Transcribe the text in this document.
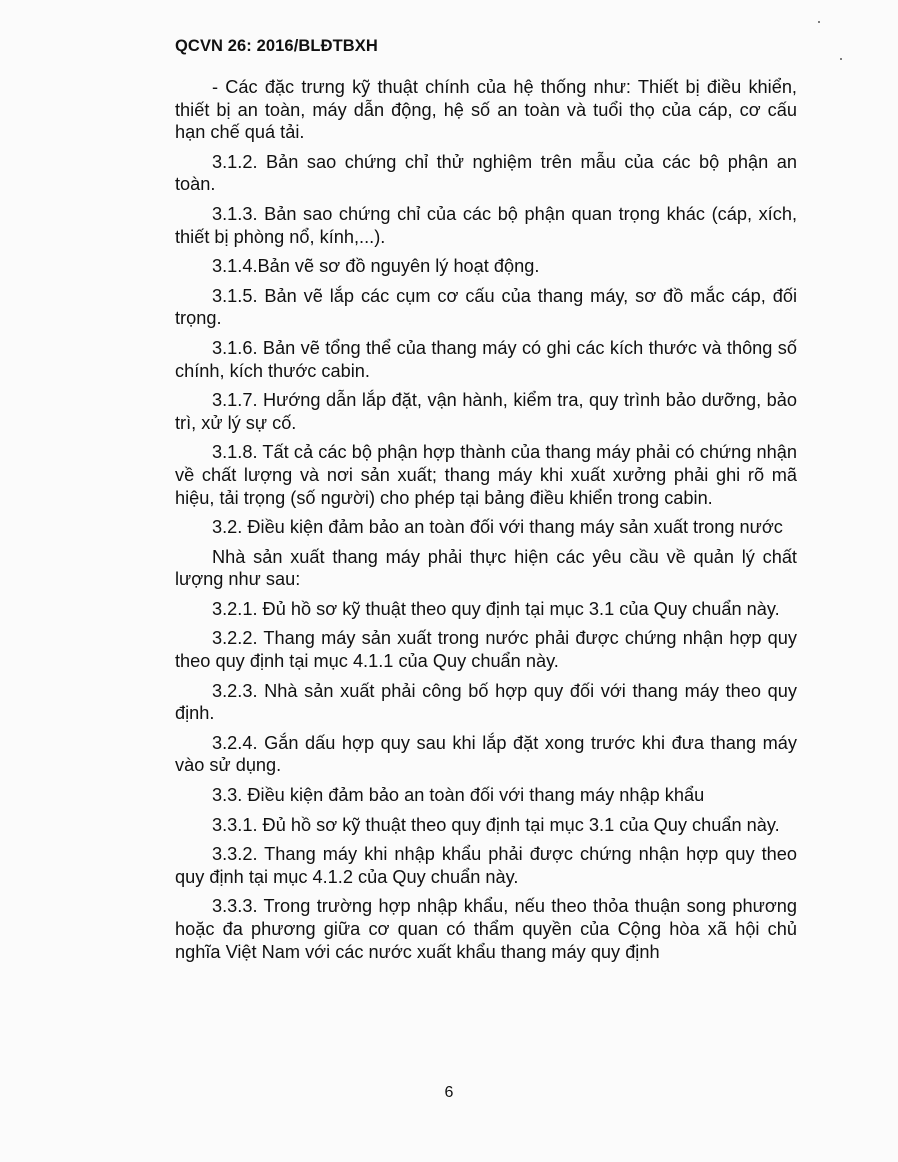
QCVN 26: 2016/BLĐTBXH

- Các đặc trưng kỹ thuật chính của hệ thống như: Thiết bị điều khiển, thiết bị an toàn, máy dẫn động, hệ số an toàn và tuổi thọ của cáp, cơ cấu hạn chế quá tải.

3.1.2. Bản sao chứng chỉ thử nghiệm trên mẫu của các bộ phận an toàn.

3.1.3. Bản sao chứng chỉ của các bộ phận quan trọng khác (cáp, xích, thiết bị phòng nổ, kính,...).

3.1.4.Bản vẽ sơ đồ nguyên lý hoạt động.

3.1.5. Bản vẽ lắp các cụm cơ cấu của thang máy, sơ đồ mắc cáp, đối trọng.

3.1.6. Bản vẽ tổng thể của thang máy có ghi các kích thước và thông số chính, kích thước cabin.

3.1.7. Hướng dẫn lắp đặt, vận hành, kiểm tra, quy trình bảo dưỡng, bảo trì, xử lý sự cố.

3.1.8. Tất cả các bộ phận hợp thành của thang máy phải có chứng nhận về chất lượng và nơi sản xuất; thang máy khi xuất xưởng phải ghi rõ mã hiệu, tải trọng (số người) cho phép tại bảng điều khiển trong cabin.

3.2. Điều kiện đảm bảo an toàn đối với thang máy sản xuất trong nước

Nhà sản xuất thang máy phải thực hiện các yêu cầu về quản lý chất lượng như sau:

3.2.1. Đủ hồ sơ kỹ thuật theo quy định tại mục 3.1 của Quy chuẩn này.

3.2.2. Thang máy sản xuất trong nước phải được chứng nhận hợp quy theo quy định tại mục 4.1.1 của Quy chuẩn này.

3.2.3. Nhà sản xuất phải công bố hợp quy đối với thang máy theo quy định.

3.2.4. Gắn dấu hợp quy sau khi lắp đặt xong trước khi đưa thang máy vào sử dụng.

3.3. Điều kiện đảm bảo an toàn đối với thang máy nhập khẩu

3.3.1. Đủ hồ sơ kỹ thuật theo quy định tại mục 3.1 của Quy chuẩn này.

3.3.2. Thang máy khi nhập khẩu phải được chứng nhận hợp quy theo quy định tại mục 4.1.2 của Quy chuẩn này.

3.3.3. Trong trường hợp nhập khẩu, nếu theo thỏa thuận song phương hoặc đa phương giữa cơ quan có thẩm quyền của Cộng hòa xã hội chủ nghĩa Việt Nam với các nước xuất khẩu thang máy quy định

6
